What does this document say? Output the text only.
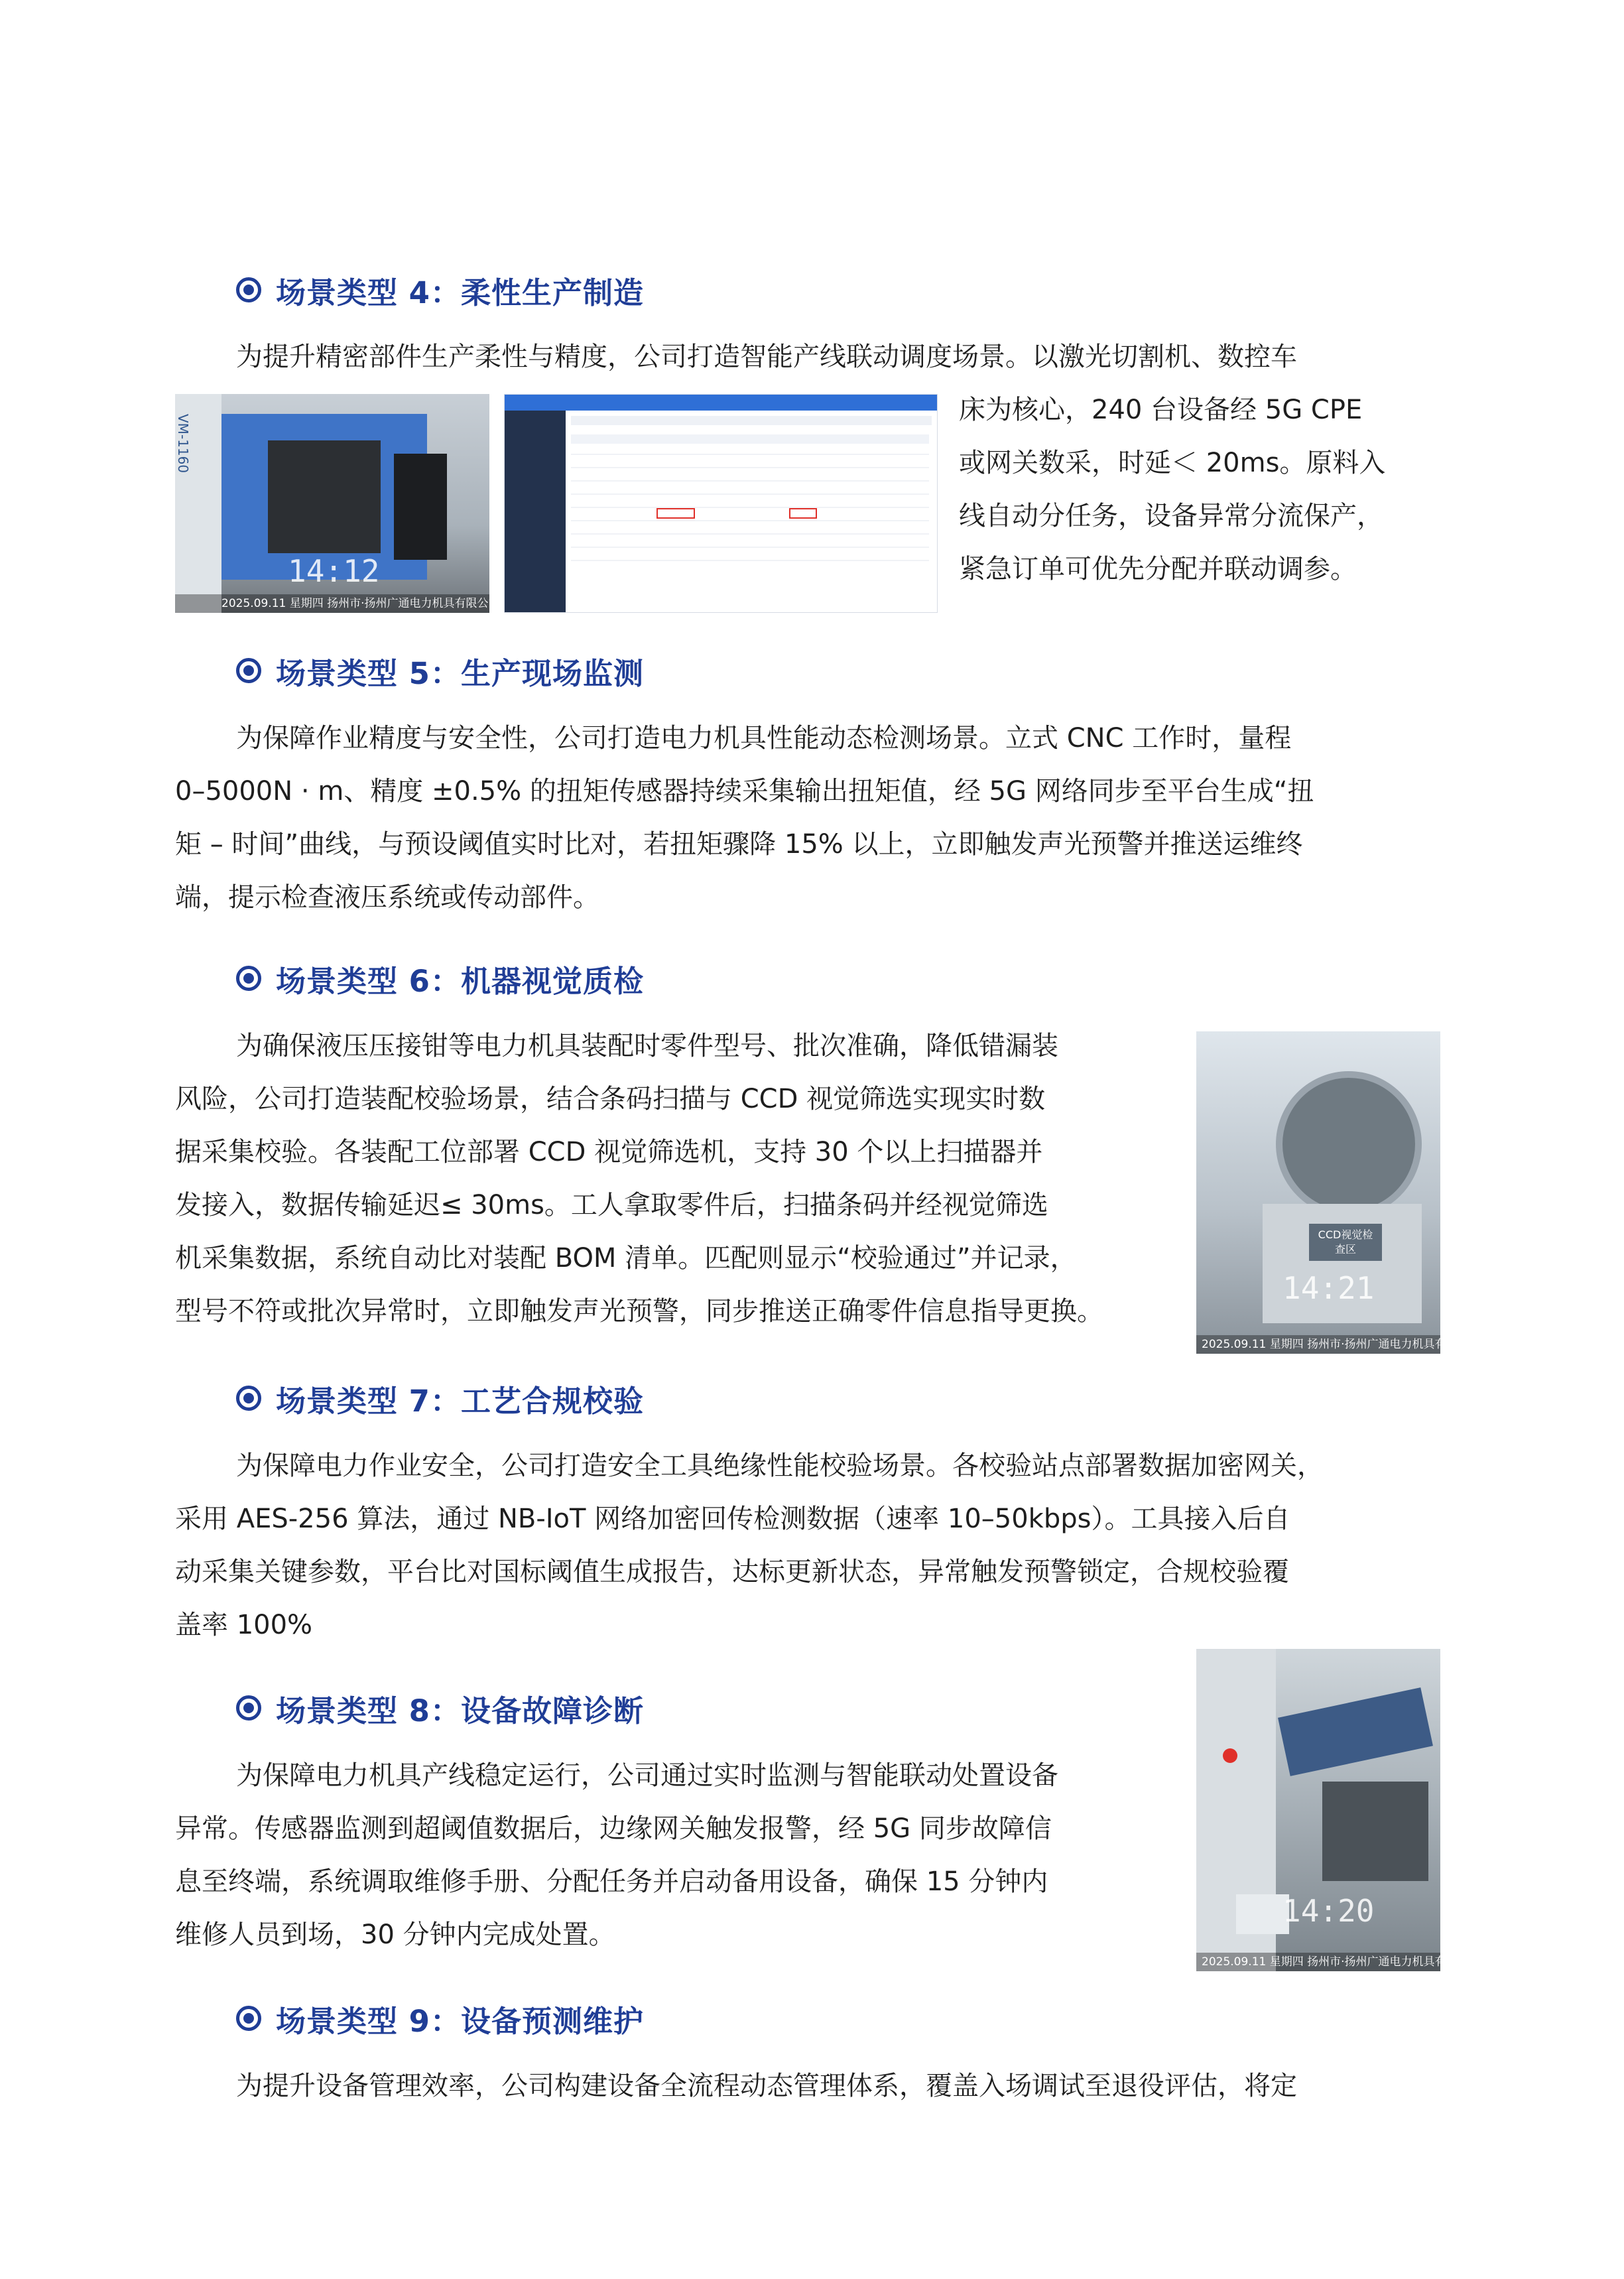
场景类型 4：柔性生产制造

为提升精密部件生产柔性与精度，公司打造智能产线联动调度场景。以激光切割机、数控车

床为核心，240 台设备经 5G CPE

或网关数采，时延＜ 20ms。原料入

线自动分任务，设备异常分流保产，

紧急订单可优先分配并联动调参。

VM-1160
14:12
2025.09.11 星期四 扬州市·扬州广通电力机具有限公司
场景类型 5：生产现场监测
为保障作业精度与安全性，公司打造电力机具性能动态检测场景。立式 CNC 工作时，量程
0–5000N · m、精度 ±0.5% 的扭矩传感器持续采集输出扭矩值，经 5G 网络同步至平台生成“扭
矩 – 时间”曲线，与预设阈值实时比对，若扭矩骤降 15% 以上，立即触发声光预警并推送运维终
端，提示检查液压系统或传动部件。
场景类型 6：机器视觉质检
为确保液压压接钳等电力机具装配时零件型号、批次准确，降低错漏装
风险，公司打造装配校验场景，结合条码扫描与 CCD 视觉筛选实现实时数
据采集校验。各装配工位部署 CCD 视觉筛选机，支持 30 个以上扫描器并
发接入，数据传输延迟≤ 30ms。工人拿取零件后，扫描条码并经视觉筛选
机采集数据，系统自动比对装配 BOM 清单。匹配则显示“校验通过”并记录，
型号不符或批次异常时，立即触发声光预警，同步推送正确零件信息指导更换。
CCD视觉检查区
14:21
2025.09.11 星期四 扬州市·扬州广通电力机具有限公司
场景类型 7：工艺合规校验
为保障电力作业安全，公司打造安全工具绝缘性能校验场景。各校验站点部署数据加密网关，
采用 AES-256 算法，通过 NB-IoT 网络加密回传检测数据（速率 10–50kbps）。工具接入后自
动采集关键参数，平台比对国标阈值生成报告，达标更新状态，异常触发预警锁定，合规校验覆
盖率 100%
场景类型 8：设备故障诊断
为保障电力机具产线稳定运行，公司通过实时监测与智能联动处置设备
异常。传感器监测到超阈值数据后，边缘网关触发报警，经 5G 同步故障信
息至终端，系统调取维修手册、分配任务并启动备用设备，确保 15 分钟内
维修人员到场，30 分钟内完成处置。
14:20
2025.09.11 星期四 扬州市·扬州广通电力机具有限公司
场景类型 9：设备预测维护
为提升设备管理效率，公司构建设备全流程动态管理体系，覆盖入场调试至退役评估，将定
